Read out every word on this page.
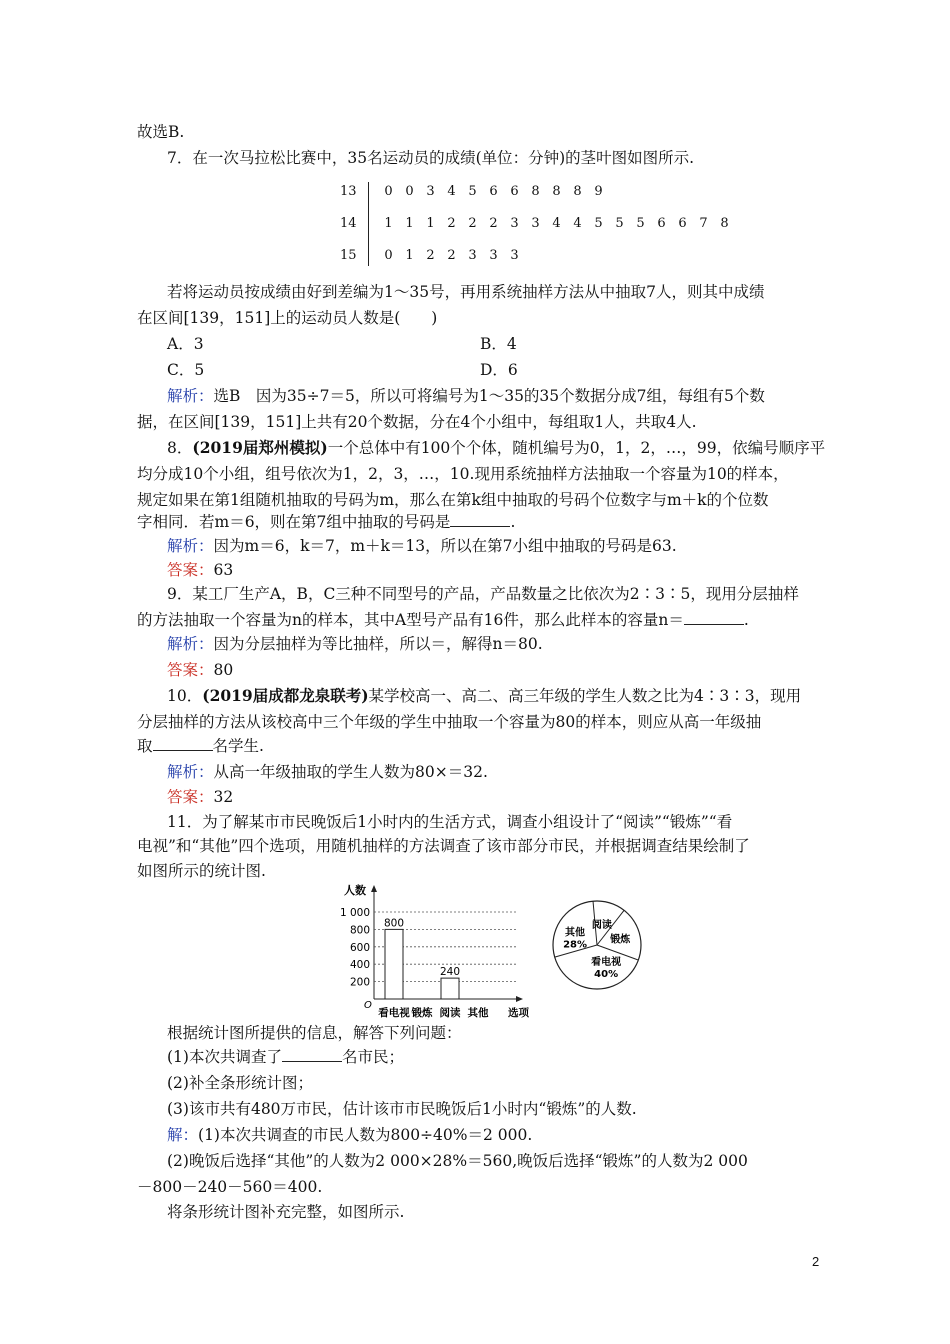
故选B.
7．在一次马拉松比赛中，35名运动员的成绩(单位：分钟)的茎叶图如图所示.
13	0 0 3 4 5 6 6 8 8 8 9
14	1 1 1 2 2 2 3 3 4 4 5 5 5 6 6 7 8
15	0 1 2 2 3 3 3
若将运动员按成绩由好到差编为1～35号，再用系统抽样方法从中抽取7人，则其中成绩
在区间[139，151]上的运动员人数是(　　)
A．3	B．4
C．5	D．6
解析：选B　因为35÷7＝5，所以可将编号为1～35的35个数据分成7组，每组有5个数
据，在区间[139，151]上共有20个数据，分在4个小组中，每组取1人，共取4人.
8．(2019届郑州模拟)一个总体中有100个个体，随机编号为0，1，2，…，99，依编号顺序平
均分成10个小组，组号依次为1，2，3，…，10.现用系统抽样方法抽取一个容量为10的样本，
规定如果在第1组随机抽取的号码为m，那么在第k组中抽取的号码个位数字与m＋k的个位数
字相同．若m＝6，则在第7组中抽取的号码是	.
解析：因为m＝6，k＝7，m＋k＝13，所以在第7小组中抽取的号码是63.
答案：63
9．某工厂生产A，B，C三种不同型号的产品，产品数量之比依次为2∶3∶5，现用分层抽样
的方法抽取一个容量为n的样本，其中A型号产品有16件，那么此样本的容量n＝	.
解析：因为分层抽样为等比抽样，所以＝，解得n＝80.
答案：80
10．(2019届成都龙泉联考)某学校高一、高二、高三年级的学生人数之比为4∶3∶3，现用
分层抽样的方法从该校高中三个年级的学生中抽取一个容量为80的样本，则应从高一年级抽
取	名学生.
解析：从高一年级抽取的学生人数为80×＝32.
答案：32
11．为了解某市市民晚饭后1小时内的生活方式，调查小组设计了“阅读”“锻炼”“看
电视”和“其他”四个选项，用随机抽样的方法调查了该市部分市民，并根据调查结果绘制了
如图所示的统计图.
人数
O
1 000
800
600
400
200
800
240
看电视 锻炼 阅读 其他 选项
看电视
40%
其他
28%
阅读
锻炼
根据统计图所提供的信息，解答下列问题：
(1)本次共调查了	名市民；
(2)补全条形统计图；
(3)该市共有480万市民，估计该市市民晚饭后1小时内“锻炼”的人数.
解：(1)本次共调查的市民人数为800÷40%＝2 000.
(2)晚饭后选择“其他”的人数为2 000×28%＝560,晚饭后选择“锻炼”的人数为2 000
－800－240－560＝400.
将条形统计图补充完整，如图所示.
2
